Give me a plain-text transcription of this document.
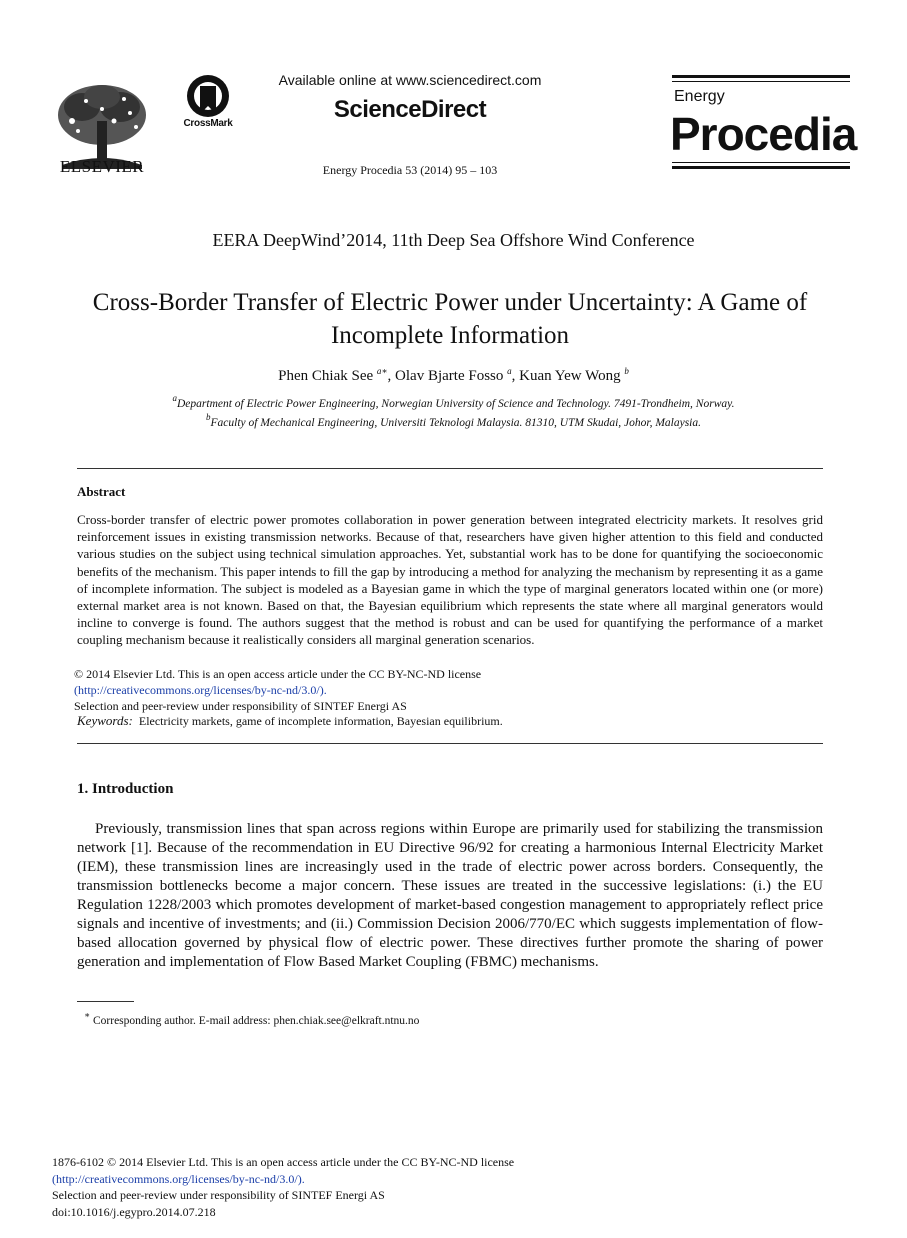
ELSEVIER
CrossMark
Available online at www.sciencedirect.com
ScienceDirect
Energy Procedia 53 (2014) 95 – 103
Energy
Procedia
EERA DeepWind’2014, 11th Deep Sea Offshore Wind Conference
Cross-Border Transfer of Electric Power under Uncertainty: A Game of Incomplete Information
Phen Chiak See $^{a∗}$, Olav Bjarte Fosso $^a$, Kuan Yew Wong $^b$
$^a$Department of Electric Power Engineering, Norwegian University of Science and Technology. 7491-Trondheim, Norway.
$^b$Faculty of Mechanical Engineering, Universiti Teknologi Malaysia. 81310, UTM Skudai, Johor, Malaysia.
Abstract
Cross-border transfer of electric power promotes collaboration in power generation between integrated electricity markets. It resolves grid reinforcement issues in existing transmission networks. Because of that, researchers have given higher attention to this field and conducted various studies on the subject using technical simulation approaches. Yet, substantial work has to be done for quantifying the socioeconomic benefits of the mechanism. This paper intends to fill the gap by introducing a method for analyzing the mechanism by representing it as a game of incomplete information. The subject is modeled as a Bayesian game in which the type of marginal generators located within one (or more) external market area is not known. Based on that, the Bayesian equilibrium which represents the state where all marginal generators would incline to converge is found. The authors suggest that the method is robust and can be used for quantifying the performance of a market coupling mechanism because it realistically considers all marginal generation scenarios.
© 2014 Elsevier Ltd. This is an open access article under the CC BY-NC-ND license
(http://creativecommons.org/licenses/by-nc-nd/3.0/).
Selection and peer-review under responsibility of SINTEF Energi AS
Keywords: Electricity markets, game of incomplete information, Bayesian equilibrium.
1. Introduction
Previously, transmission lines that span across regions within Europe are primarily used for stabilizing the transmission network [1]. Because of the recommendation in EU Directive 96/92 for creating a harmonious Internal Electricity Market (IEM), these transmission lines are increasingly used in the trade of electric power across borders. Consequently, the transmission bottlenecks become a major concern. These issues are treated in the successive legislations: (i.) the EU Regulation 1228/2003 which promotes development of market-based congestion management to appropriately reflect price signals and incentive of investments; and (ii.) Commission Decision 2006/770/EC which suggests implementation of flow-based allocation governed by physical flow of electric power. These directives further promote the sharing of power generation and implementation of Flow Based Market Coupling (FBMC) mechanisms.
∗ Corresponding author. E-mail address: phen.chiak.see@elkraft.ntnu.no
1876-6102 © 2014 Elsevier Ltd. This is an open access article under the CC BY-NC-ND license
(http://creativecommons.org/licenses/by-nc-nd/3.0/).
Selection and peer-review under responsibility of SINTEF Energi AS
doi:10.1016/j.egypro.2014.07.218
